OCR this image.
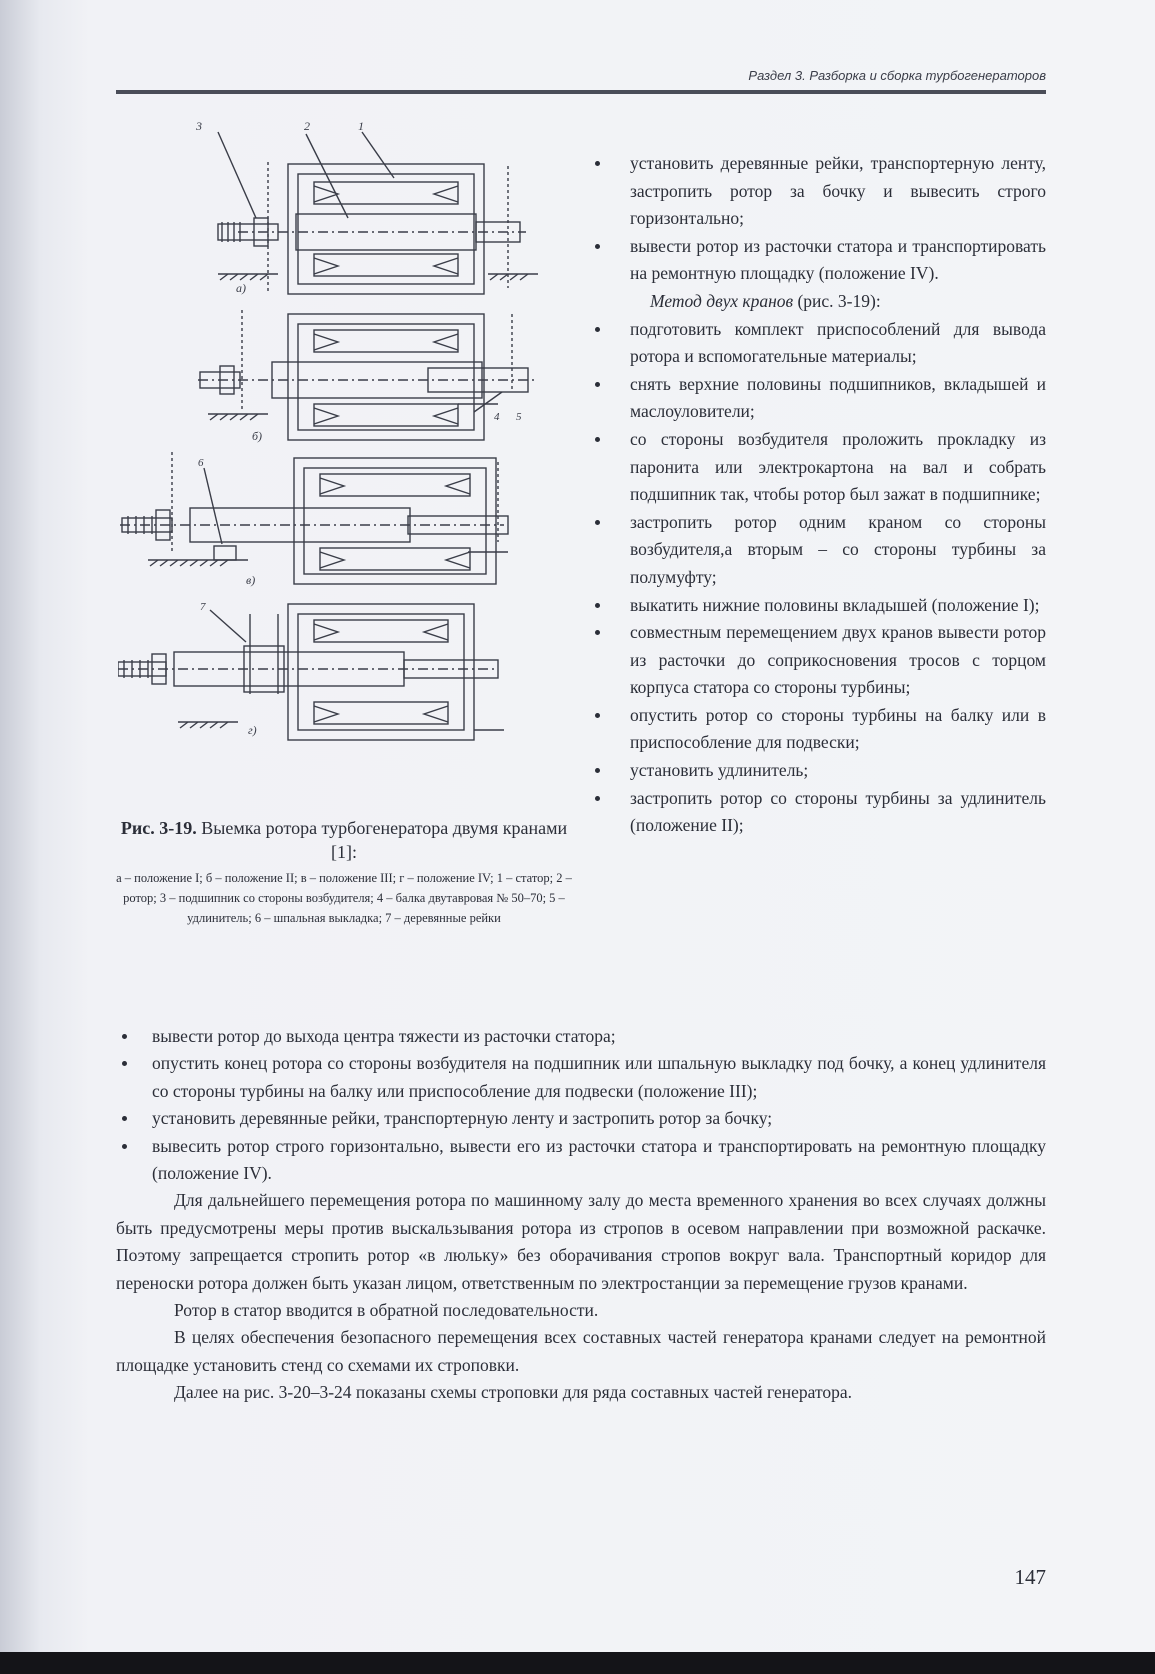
Раздел 3. Разборка и сборка турбогенераторов
3	2	1
а)
4 5
б)
6
в)
7
г)
Рис. 3-19. Выемка ротора турбогенератора двумя кранами [1]:
а – положение I; б – положение II; в – положение III; г – положение IV; 1 – статор; 2 – ротор; 3 – подшипник со стороны возбудителя; 4 – балка двутавровая № 50–70; 5 – удлинитель; 6 – шпальная выкладка; 7 – деревянные рейки
установить деревянные рейки, транспортерную ленту, застропить ротор за бочку и вывесить строго горизонтально;
вывести ротор из расточки статора и транспортировать на ремонтную площадку (положение IV).
Метод двух кранов (рис. 3-19):
подготовить комплект приспособлений для вывода ротора и вспомогательные материалы;
снять верхние половины подшипников, вкладышей и маслоуловители;
со стороны возбудителя проложить прокладку из паронита или электрокартона на вал и собрать подшипник так, чтобы ротор был зажат в подшипнике;
застропить ротор одним краном со стороны возбудителя,а вторым – со стороны турбины за полумуфту;
выкатить нижние половины вкладышей (положение I);
совместным перемещением двух кранов вывести ротор из расточки до соприкосновения тросов с торцом корпуса статора со стороны турбины;
опустить ротор со стороны турбины на балку или в приспособление для подвески;
установить удлинитель;
застропить ротор со стороны турбины за удлинитель (положение II);
вывести ротор до выхода центра тяжести из расточки статора;
опустить конец ротора со стороны возбудителя на подшипник или шпальную выкладку под бочку, а конец удлинителя со стороны турбины на балку или приспособление для подвески (положение III);
установить деревянные рейки, транспортерную ленту и застропить ротор за бочку;
вывесить ротор строго горизонтально, вывести его из расточки статора и транспортировать на ремонтную площадку (положение IV).

Для дальнейшего перемещения ротора по машинному залу до места временного хранения во всех случаях должны быть предусмотрены меры против выскальзывания ротора из стропов в осевом направлении при возможной раскачке. Поэтому запрещается стропить ротор «в люльку» без оборачивания стропов вокруг вала. Транспортный коридор для переноски ротора должен быть указан лицом, ответственным по электростанции за перемещение грузов кранами.

Ротор в статор вводится в обратной последовательности.

В целях обеспечения безопасного перемещения всех составных частей генератора кранами следует на ремонтной площадке установить стенд со схемами их строповки.

Далее на рис. 3-20–3-24 показаны схемы строповки для ряда составных частей генератора.

147
